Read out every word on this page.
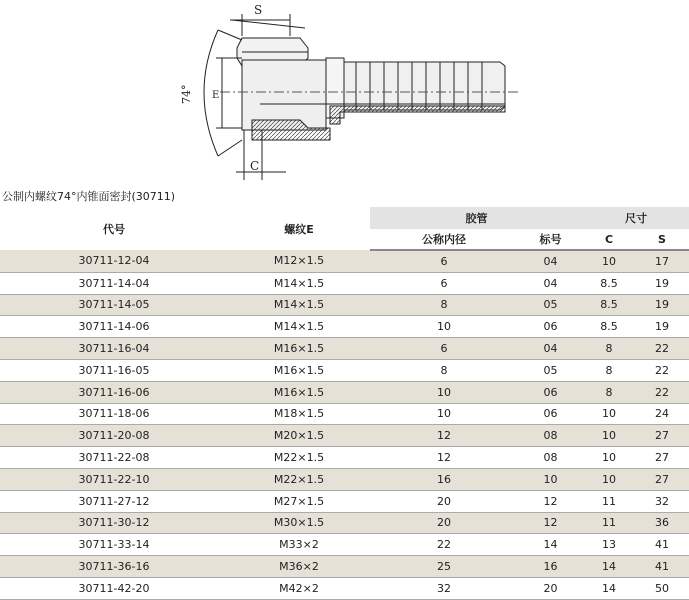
S
E
C
74°
公制内螺纹74°内锥面密封(30711)
代号	螺纹E	胶管		尺寸	
		公称内径	标号	C	S
30711-12-04	M12×1.5	6	04	10	17
30711-14-04	M14×1.5	6	04	8.5	19
30711-14-05	M14×1.5	8	05	8.5	19
30711-14-06	M14×1.5	10	06	8.5	19
30711-16-04	M16×1.5	6	04	8	22
30711-16-05	M16×1.5	8	05	8	22
30711-16-06	M16×1.5	10	06	8	22
30711-18-06	M18×1.5	10	06	10	24
30711-20-08	M20×1.5	12	08	10	27
30711-22-08	M22×1.5	12	08	10	27
30711-22-10	M22×1.5	16	10	10	27
30711-27-12	M27×1.5	20	12	11	32
30711-30-12	M30×1.5	20	12	11	36
30711-33-14	M33×2	22	14	13	41
30711-36-16	M36×2	25	16	14	41
30711-42-20	M42×2	32	20	14	50
